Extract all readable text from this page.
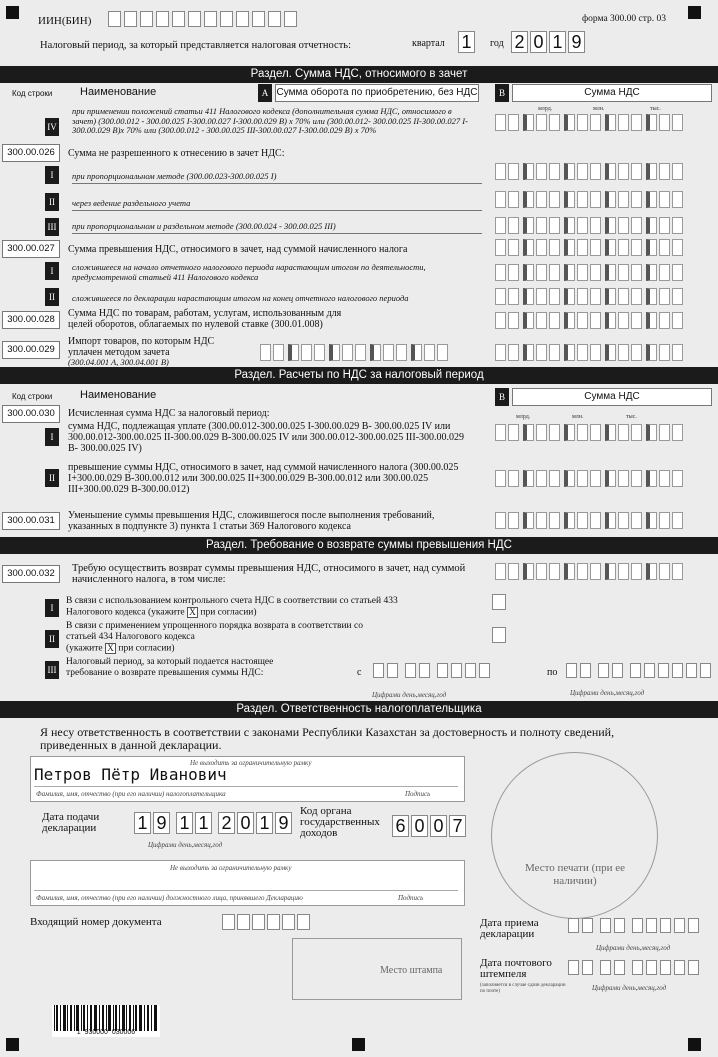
ИИН(БИН)	форма 300.00 стр. 03
Налоговый период, за который представляется налоговая отчетность:	квартал 1	год 2 0 1 9
Раздел. Сумма НДС, относимого в зачет
Код строки	Наименование	A Сумма оборота по приобретению, без НДС	B	Сумма НДС
млрд.	млн.	тыс.
IV
при применении положений статьи 411 Налогового кодекса (дополнительная сумма НДС, относимого в зачет) (300.00.012 - 300.00.025 I-300.00.027 I-300.00.029 B) x 70% или (300.00.012- 300.00.025 II-300.00.027 I-300.00.029 B)x 70% или (300.00.012 - 300.00.025 III-300.00.027 I-300.00.029 B) x 70%
300.00.026	Сумма не разрешенного к отнесению в зачет НДС:
I	при пропорциональном методе (300.00.023-300.00.025 I)
II	через ведение раздельного учета
III при пропорциональном и раздельном методе (300.00.024 - 300.00.025 III)
300.00.027	Сумма превышения НДС, относимого в зачет, над суммой начисленного налога
I	сложившееся на начало отчетного налогового периода нарастающим итогом по деятельности, предусмотренной статьей 411 Налогового кодекса
II	сложившееся по декларации нарастающим итогом на конец отчетного налогового периода
300.00.028
Сумма НДС по товарам, работам, услугам, использованным для целей оборотов, облагаемых по нулевой ставке (300.01.008)
300.00.029
Импорт товаров, по которым НДС уплачен методом зачета
(300.04.001 A, 300.04.001 B)
Раздел. Расчеты по НДС за налоговый период
Код строки	Наименование	B	Сумма НДС
млрд.	млн.	тыс.
300.00.030	Исчисленная сумма НДС за налоговый период:
I
сумма НДС, подлежащая уплате (300.00.012-300.00.025 I-300.00.029 B- 300.00.025 IV или 300.00.012-300.00.025 II-300.00.029 B-300.00.025 IV или 300.00.012-300.00.025 III-300.00.029 B- 300.00.025 IV)
II
превышение суммы НДС, относимого в зачет, над суммой начисленного налога (300.00.025 I+300.00.029 B-300.00.012 или 300.00.025 II+300.00.029 B-300.00.012 или 300.00.025 III+300.00.029 B-300.00.012)
300.00.031	Уменьшение суммы превышения НДС, сложившегося после выполнения требований, указанных в подпункте 3) пункта 1 статьи 369 Налогового кодекса
Раздел. Требование о возврате суммы превышения НДС
300.00.032	Требую осуществить возврат суммы превышения НДС, относимого в зачет, над суммой начисленного налога, в том числе:
I
В связи с использованием контрольного счета НДС в соответствии со статьей 433 Налогового кодекса (укажите X при согласии)
II
В связи с применением упрощенного порядка возврата в соответствии со статьей 434 Налогового кодекса
(укажите X при согласии)
III
Налоговый период, за который подается настоящее требование о возврате превышения суммы НДС:	с
Цифрами день,месяц,год
по
Цифрами день,месяц,год
Раздел. Ответственность налогоплательщика
Я несу ответственность в соответствии с законами Республики Казахстан за достоверность и полноту сведений, приведенных в данной декларации.
Не выходить за ограничительную рамку
Петров Пётр Иванович
Фамилия, имя, отчество (при его наличии) налогоплательщика	Подпись
Дата подачи декларации	1 9 1 1 2 0 1 9
Цифрами день,месяц,год
Код органа государственных доходов	6 0 0 7
Не выходить за ограничительную рамку
Фамилия, имя, отчество (при его наличии) должностного лица, принявшего Декларацию	Подпись
Место печати (при ее наличии)
Входящий номер документа
Место штампа
Дата приема декларации
Цифрами день,месяц,год
Дата почтового штемпеля
(заполняется в случае сдачи декларации по почте)	Цифрами день,месяц,год
1  930000  030006
